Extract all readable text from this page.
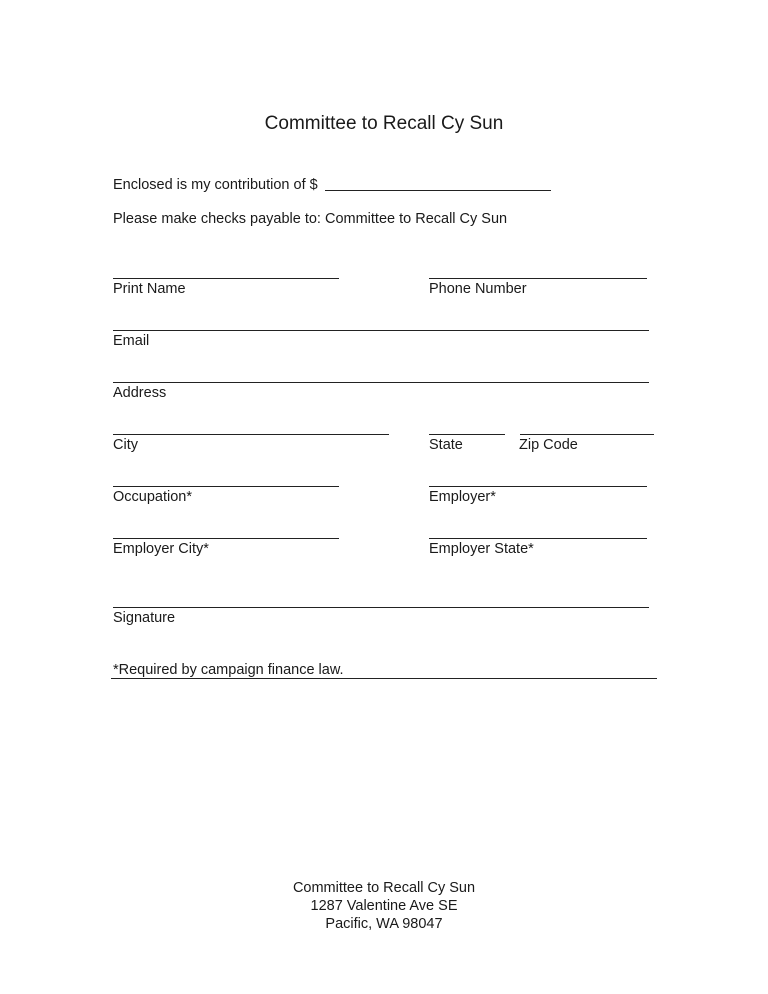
Committee to Recall Cy Sun
Enclosed is my contribution of $
Please make checks payable to: Committee to Recall Cy Sun
Print Name	Phone Number
Email
Address
City	State	Zip Code
Occupation*	Employer*
Employer City*	Employer State*
Signature
*Required by campaign finance law.
Committee to Recall Cy Sun
1287 Valentine Ave SE
Pacific, WA 98047
